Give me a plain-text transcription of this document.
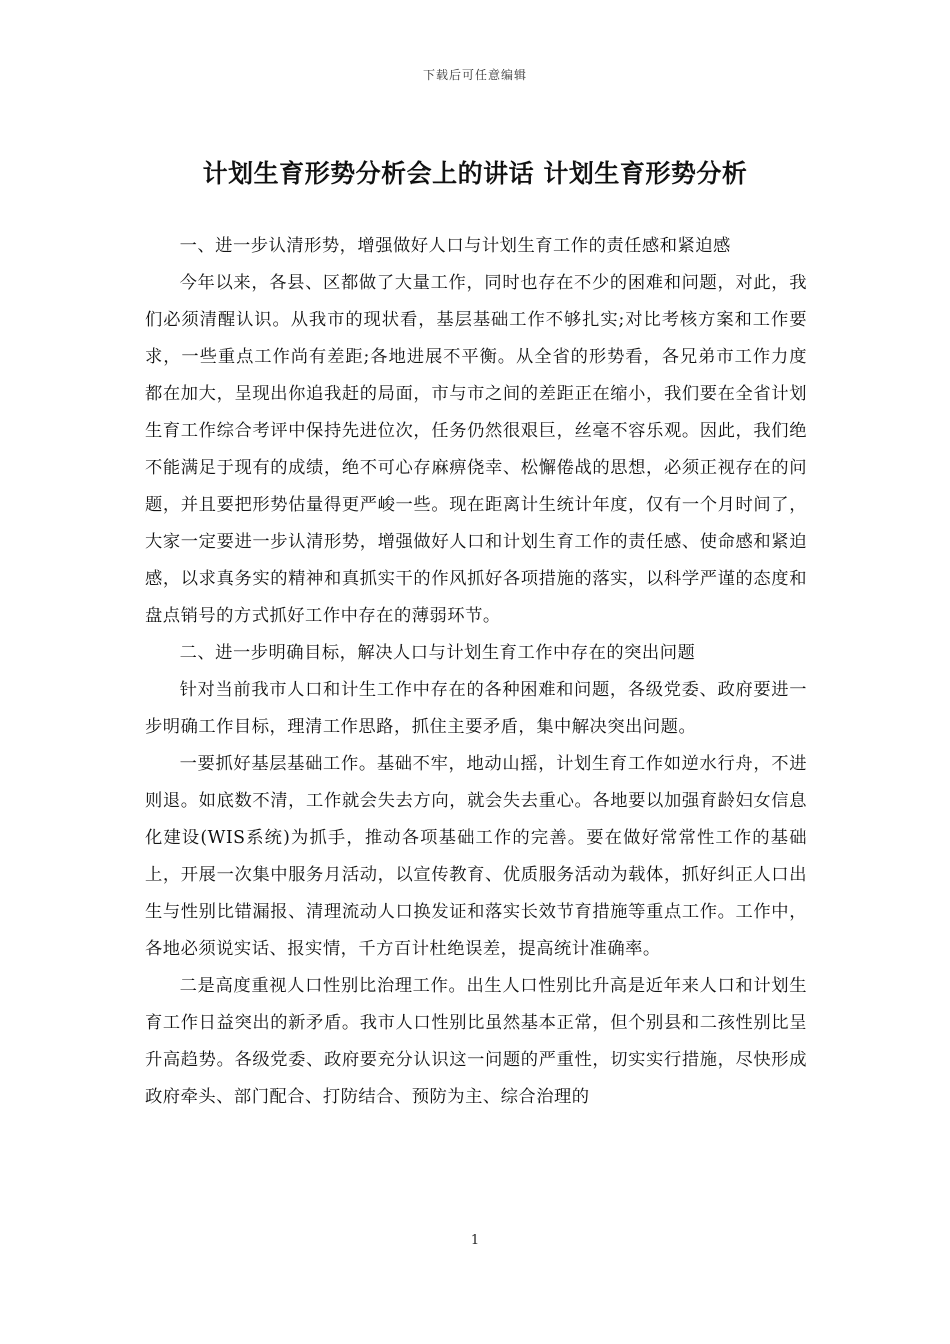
下载后可任意编辑
计划生育形势分析会上的讲话 计划生育形势分析

一、进一步认清形势，增强做好人口与计划生育工作的责任感和紧迫感

今年以来，各县、区都做了大量工作，同时也存在不少的困难和问题，对此，我们必须清醒认识。从我市的现状看，基层基础工作不够扎实;对比考核方案和工作要求，一些重点工作尚有差距;各地进展不平衡。从全省的形势看，各兄弟市工作力度都在加大，呈现出你追我赶的局面，市与市之间的差距正在缩小，我们要在全省计划生育工作综合考评中保持先进位次，任务仍然很艰巨，丝毫不容乐观。因此，我们绝不能满足于现有的成绩，绝不可心存麻痹侥幸、松懈倦战的思想，必须正视存在的问题，并且要把形势估量得更严峻一些。现在距离计生统计年度，仅有一个月时间了，大家一定要进一步认清形势，增强做好人口和计划生育工作的责任感、使命感和紧迫感，以求真务实的精神和真抓实干的作风抓好各项措施的落实，以科学严谨的态度和盘点销号的方式抓好工作中存在的薄弱环节。

二、进一步明确目标，解决人口与计划生育工作中存在的突出问题

针对当前我市人口和计生工作中存在的各种困难和问题，各级党委、政府要进一步明确工作目标，理清工作思路，抓住主要矛盾，集中解决突出问题。

一要抓好基层基础工作。基础不牢，地动山摇，计划生育工作如逆水行舟，不进则退。如底数不清，工作就会失去方向，就会失去重心。各地要以加强育龄妇女信息化建设(WIS系统)为抓手，推动各项基础工作的完善。要在做好常常性工作的基础上，开展一次集中服务月活动，以宣传教育、优质服务活动为载体，抓好纠正人口出生与性别比错漏报、清理流动人口换发证和落实长效节育措施等重点工作。工作中，各地必须说实话、报实情，千方百计杜绝误差，提高统计准确率。

二是高度重视人口性别比治理工作。出生人口性别比升高是近年来人口和计划生育工作日益突出的新矛盾。我市人口性别比虽然基本正常，但个别县和二孩性别比呈升高趋势。各级党委、政府要充分认识这一问题的严重性，切实实行措施，尽快形成政府牵头、部门配合、打防结合、预防为主、综合治理的

1
